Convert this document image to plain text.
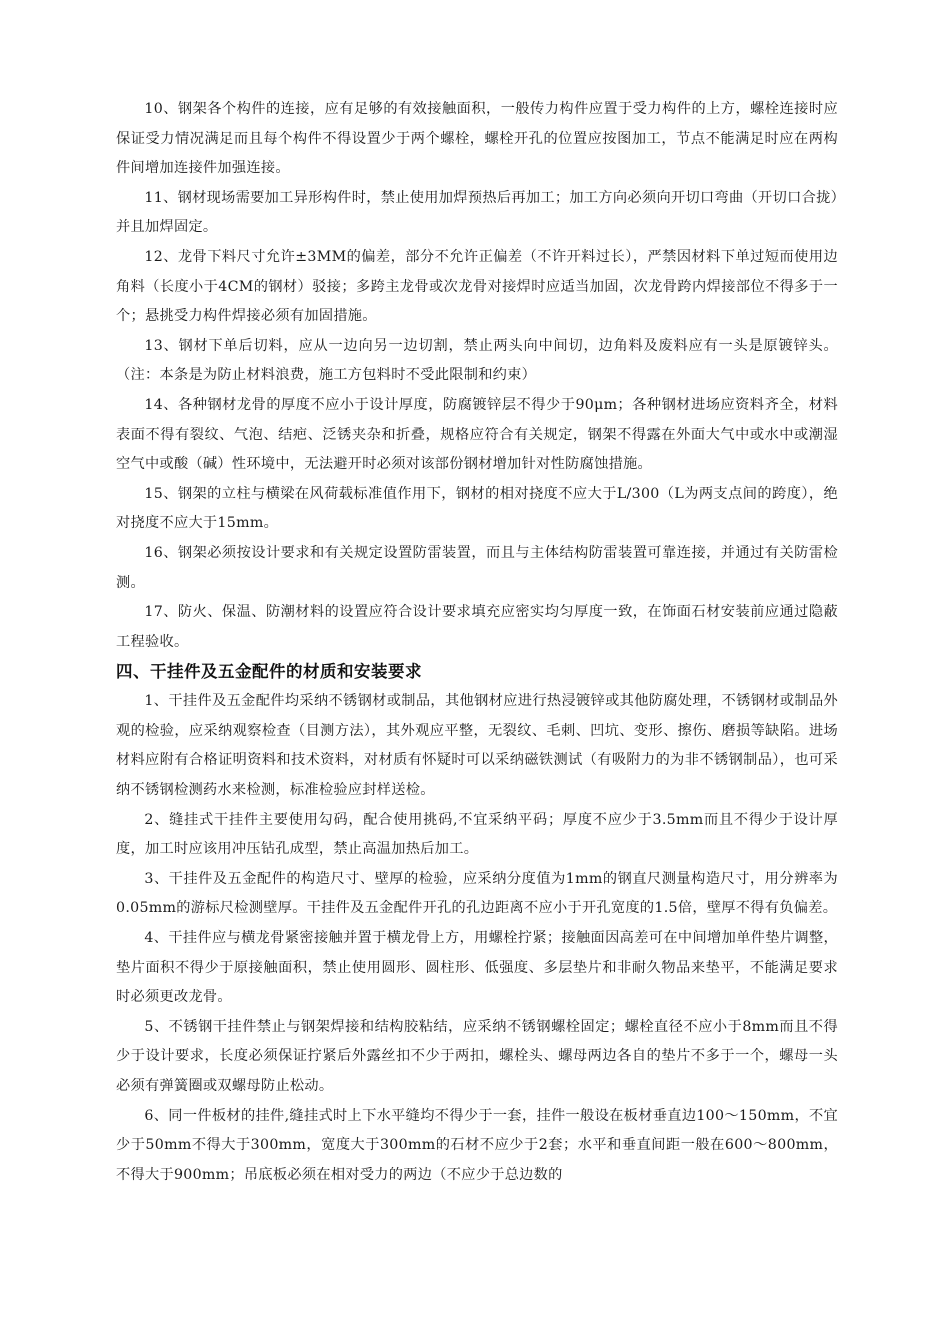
10、钢架各个构件的连接，应有足够的有效接触面积，一般传力构件应置于受力构件的上方，螺栓连接时应保证受力情况满足而且每个构件不得设置少于两个螺栓，螺栓开孔的位置应按图加工，节点不能满足时应在两构件间增加连接件加强连接。

11、钢材现场需要加工异形构件时，禁止使用加焊预热后再加工；加工方向必须向开切口弯曲（开切口合拢）并且加焊固定。

12、龙骨下料尺寸允许±3MM的偏差，部分不允许正偏差（不许开料过长），严禁因材料下单过短而使用边角料（长度小于4CM的钢材）驳接；多跨主龙骨或次龙骨对接焊时应适当加固，次龙骨跨内焊接部位不得多于一个；悬挑受力构件焊接必须有加固措施。

13、钢材下单后切料，应从一边向另一边切割，禁止两头向中间切，边角料及废料应有一头是原镀锌头。（注：本条是为防止材料浪费，施工方包料时不受此限制和约束）

14、各种钢材龙骨的厚度不应小于设计厚度，防腐镀锌层不得少于90μm；各种钢材进场应资料齐全，材料表面不得有裂纹、气泡、结疤、泛锈夹杂和折叠，规格应符合有关规定，钢架不得露在外面大气中或水中或潮湿空气中或酸（碱）性环境中，无法避开时必须对该部份钢材增加针对性防腐蚀措施。

15、钢架的立柱与横梁在风荷载标准值作用下，钢材的相对挠度不应大于L/300（L为两支点间的跨度），绝对挠度不应大于15mm。

16、钢架必须按设计要求和有关规定设置防雷装置，而且与主体结构防雷装置可靠连接，并通过有关防雷检测。

17、防火、保温、防潮材料的设置应符合设计要求填充应密实均匀厚度一致，在饰面石材安装前应通过隐蔽工程验收。

四、干挂件及五金配件的材质和安装要求

1、干挂件及五金配件均采纳不锈钢材或制品，其他钢材应进行热浸镀锌或其他防腐处理，不锈钢材或制品外观的检验，应采纳观察检查（目测方法），其外观应平整，无裂纹、毛刺、凹坑、变形、擦伤、磨损等缺陷。进场材料应附有合格证明资料和技术资料，对材质有怀疑时可以采纳磁铁测试（有吸附力的为非不锈钢制品），也可采纳不锈钢检测药水来检测，标准检验应封样送检。

2、缝挂式干挂件主要使用勾码，配合使用挑码,不宜采纳平码；厚度不应少于3.5mm而且不得少于设计厚度，加工时应该用冲压钻孔成型，禁止高温加热后加工。

3、干挂件及五金配件的构造尺寸、壁厚的检验，应采纳分度值为1mm的钢直尺测量构造尺寸，用分辨率为0.05mm的游标尺检测壁厚。干挂件及五金配件开孔的孔边距离不应小于开孔宽度的1.5倍，壁厚不得有负偏差。

4、干挂件应与横龙骨紧密接触并置于横龙骨上方，用螺栓拧紧；接触面因高差可在中间增加单件垫片调整，垫片面积不得少于原接触面积，禁止使用圆形、圆柱形、低强度、多层垫片和非耐久物品来垫平，不能满足要求时必须更改龙骨。

5、不锈钢干挂件禁止与钢架焊接和结构胶粘结，应采纳不锈钢螺栓固定；螺栓直径不应小于8mm而且不得少于设计要求，长度必须保证拧紧后外露丝扣不少于两扣，螺栓头、螺母两边各自的垫片不多于一个，螺母一头必须有弹簧圈或双螺母防止松动。

6、同一件板材的挂件,缝挂式时上下水平缝均不得少于一套，挂件一般设在板材垂直边100～150mm，不宜少于50mm不得大于300mm，宽度大于300mm的石材不应少于2套；水平和垂直间距一般在600～800mm，不得大于900mm；吊底板必须在相对受力的两边（不应少于总边数的
